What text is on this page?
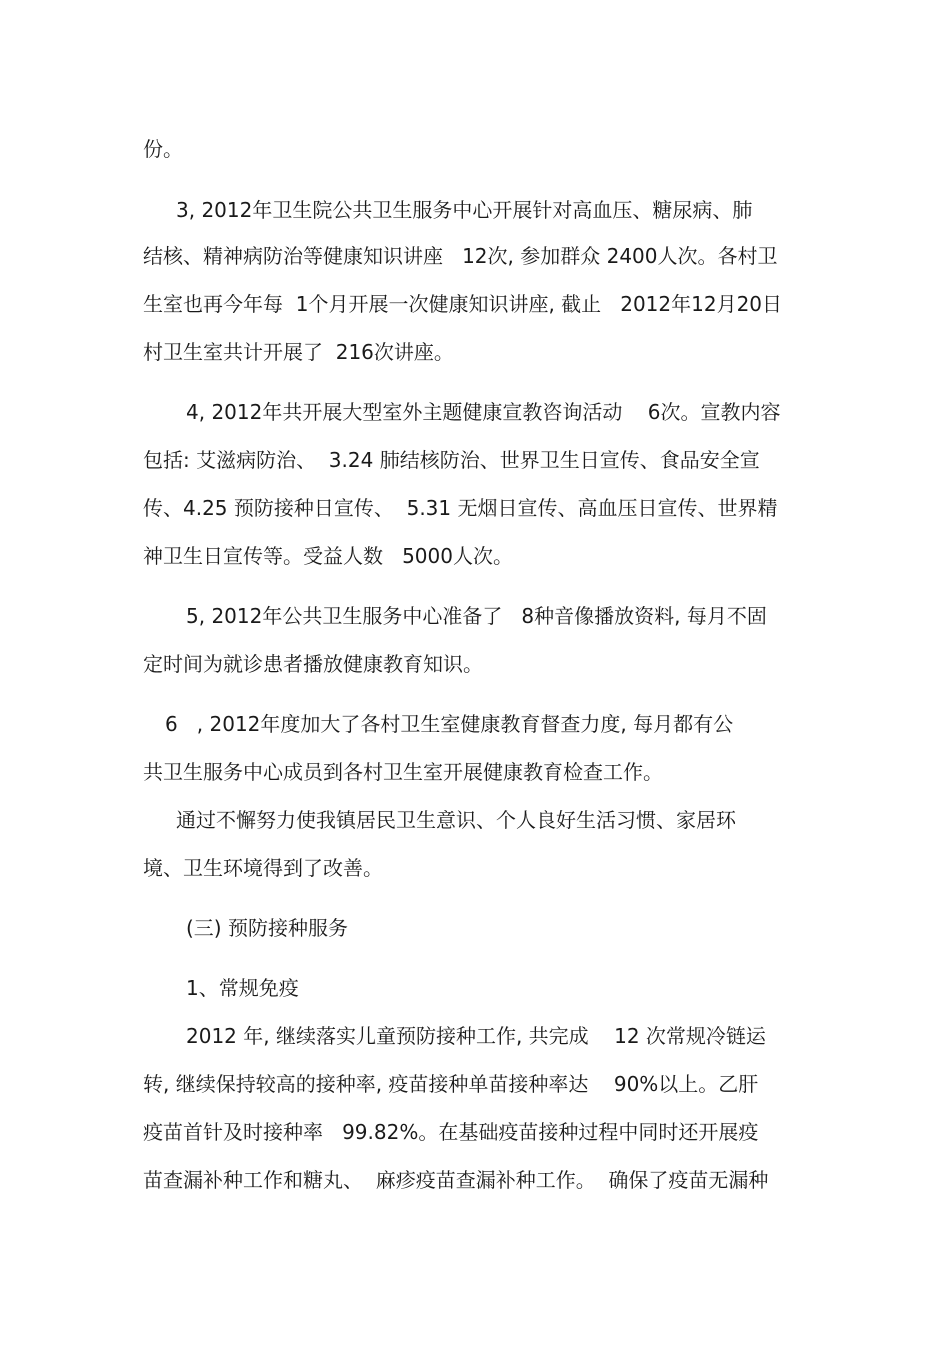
份。
3, 2012年卫生院公共卫生服务中心开展针对高血压、糖尿病、肺
结核、精神病防治等健康知识讲座   12次, 参加群众 2400人次。各村卫
生室也再今年每  1个月开展一次健康知识讲座, 截止   2012年12月20日
村卫生室共计开展了  216次讲座。
4, 2012年共开展大型室外主题健康宣教咨询活动    6次。宣教内容
包括: 艾滋病防治、  3.24 肺结核防治、世界卫生日宣传、食品安全宣
传、4.25 预防接种日宣传、  5.31 无烟日宣传、高血压日宣传、世界精
神卫生日宣传等。受益人数   5000人次。
5, 2012年公共卫生服务中心准备了   8种音像播放资料, 每月不固
定时间为就诊患者播放健康教育知识。
6   , 2012年度加大了各村卫生室健康教育督查力度, 每月都有公
共卫生服务中心成员到各村卫生室开展健康教育检查工作。
通过不懈努力使我镇居民卫生意识、个人良好生活习惯、家居环
境、卫生环境得到了改善。
(三) 预防接种服务
1、常规免疫
2012 年, 继续落实儿童预防接种工作, 共完成    12 次常规冷链运
转, 继续保持较高的接种率, 疫苗接种单苗接种率达    90%以上。乙肝
疫苗首针及时接种率   99.82%。在基础疫苗接种过程中同时还开展疫
苗查漏补种工作和糖丸、  麻疹疫苗查漏补种工作。  确保了疫苗无漏种
